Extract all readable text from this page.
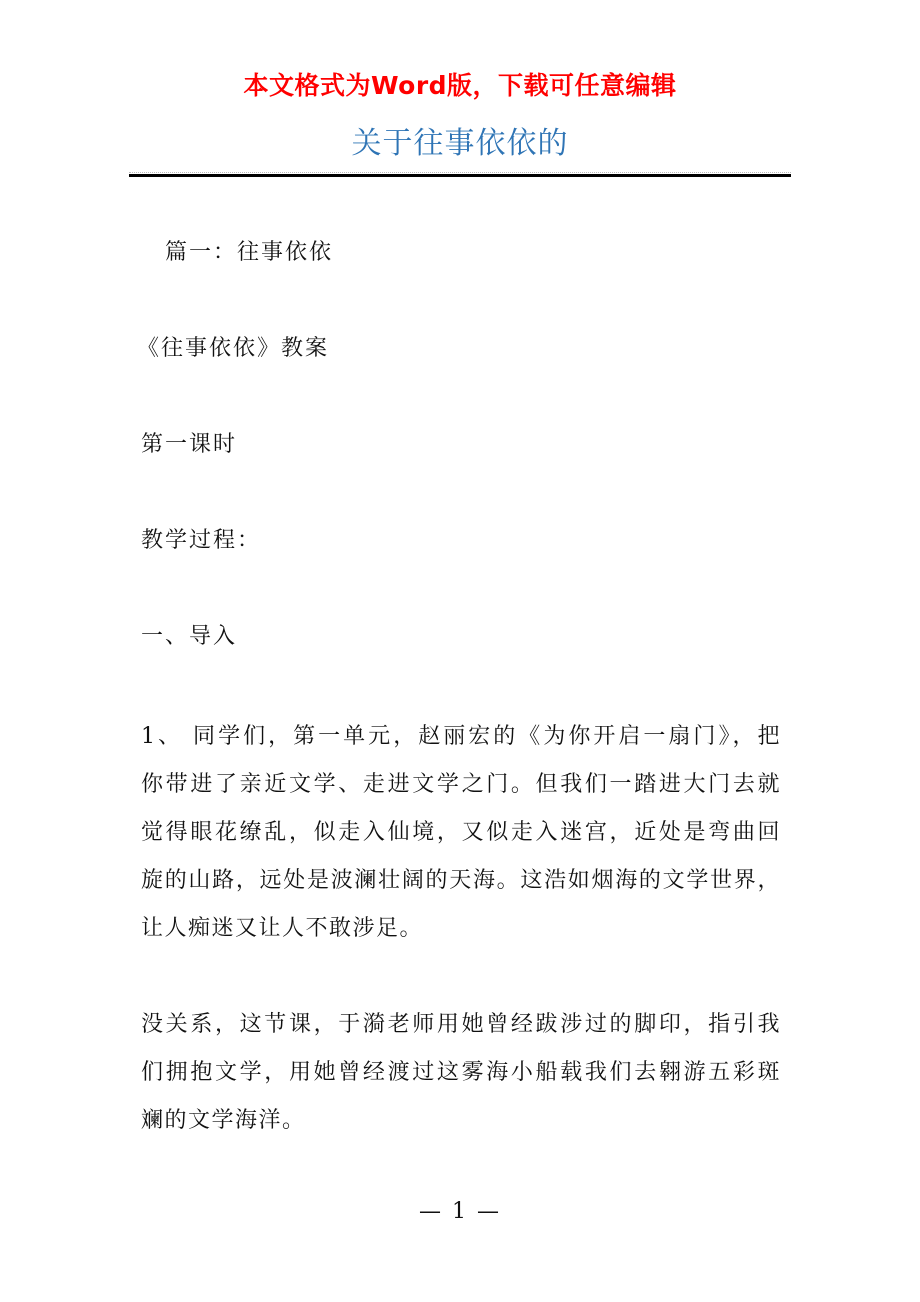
本文格式为Word版，下载可任意编辑
关于往事依依的
篇一：往事依依
《往事依依》教案
第一课时
教学过程：
一、导入
1、 同学们，第一单元，赵丽宏的《为你开启一扇门》，把
你带进了亲近文学、走进文学之门。但我们一踏进大门去就
觉得眼花缭乱，似走入仙境，又似走入迷宫，近处是弯曲回
旋的山路，远处是波澜壮阔的天海。这浩如烟海的文学世界，
让人痴迷又让人不敢涉足。
没关系，这节课，于漪老师用她曾经跋涉过的脚印，指引我
们拥抱文学，用她曾经渡过这雾海小船载我们去翱游五彩斑
斓的文学海洋。
— 1 —
